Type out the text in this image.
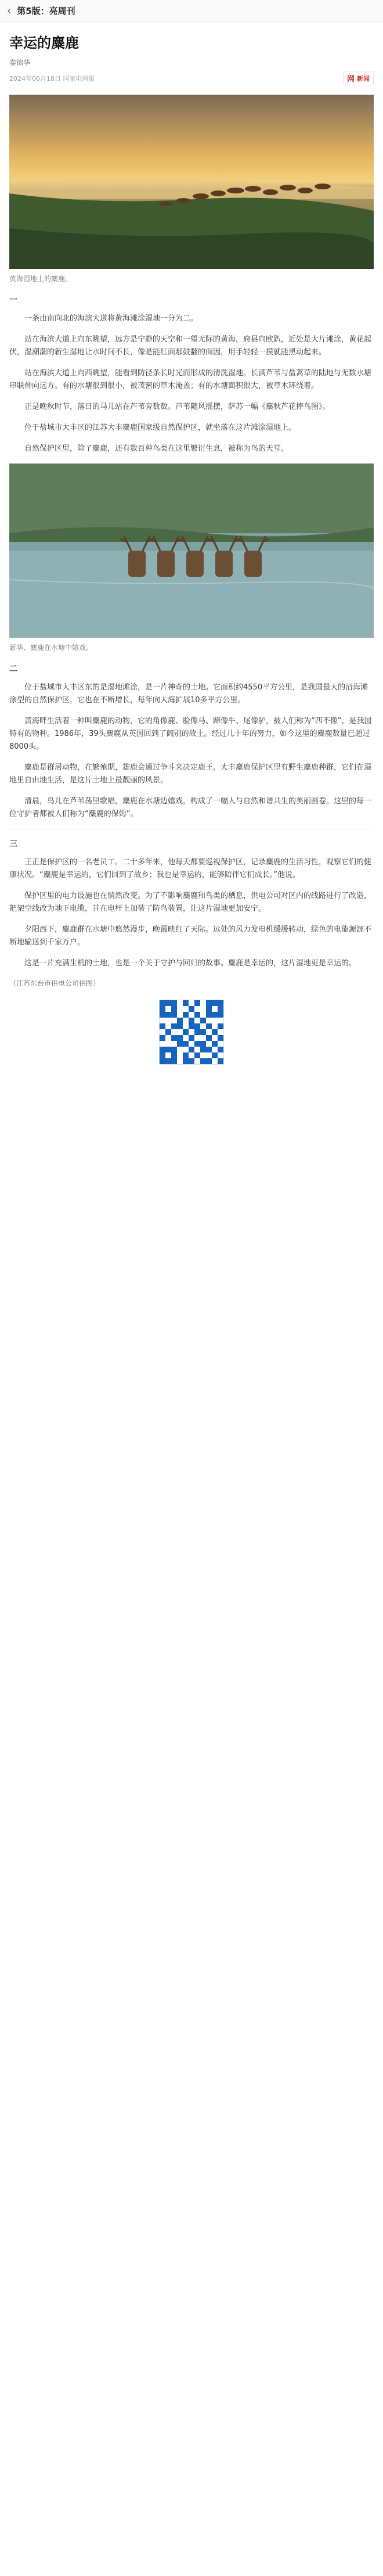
‹ 第5版：亮周刊
幸运的麋鹿
秦锦华
2024年06月18日 国家电网报	网 新闻
黄海湿地上的麋鹿。
一

一条由南向北的海滨大道将黄海滩涂湿地一分为二。

站在海滨大道上向东眺望，远方是宁静的天空和一望无际的黄海，府县向欧趴，近处是大片滩涂，黄花起伏，湿潮潮的新生湿地让水时间不长，像是能红面那鼓翻的面因，用手轻轻一摸就能黑动起来。

站在海滨大道上向西眺望，能看到防径条长时光而形成的清洗湿地。长满芦苇与盐蒿草的陆地与无数水塘串联伸向远方。有的水塘很到很小，被茂密的草木淹盖；有的水塘面积很大，被草木环绕着。

正是晚秋时节，落日的马儿站在芦苇旁数数。芦苇随风摇摆，萨苏一幅《麋秋芦花捧鸟图》。

位于盐城市大丰区的江苏大丰麋鹿国家级自然保护区，就坐落在这片滩涂湿地上。

自然保护区里，除了麋鹿，还有数百种鸟类在这里繁衍生息，被称为鸟的天堂。

新华、麋鹿在水塘中嬉戏。
二

位于盐城市大丰区东的是湿地滩涂，是一片神奇的土地。它面积约4550平方公里，是我国最大的沿海滩涂型的自然保护区，它也在不断增长，每年向大海扩展10多平方公里。

黄海畔生活着一种叫麋鹿的动物，它的角像鹿、脸像马、蹄像牛、尾像驴，被人们称为“四不像”，是我国特有的物种。1986年，39头麋鹿从英国回到了阔别的故土。经过几十年的努力，如今这里的麋鹿数量已超过8000头。

麋鹿是群居动物，在繁殖期，雄鹿会通过争斗来决定鹿王。大丰麋鹿保护区里有野生麋鹿种群，它们在湿地里自由地生活，是这片土地上最靓丽的风景。

清晨，鸟儿在芦苇荡里歌唱，麋鹿在水塘边嬉戏，构成了一幅人与自然和谐共生的美丽画卷。这里的每一位守护者都被人们称为“麋鹿的保姆”。

三

王正是保护区的一名老员工。二十多年来，他每天都要巡视保护区，记录麋鹿的生活习性，观察它们的健康状况。“麋鹿是幸运的，它们回到了故乡；我也是幸运的，能够陪伴它们成长。”他说。

保护区里的电力设施也在悄然改变。为了不影响麋鹿和鸟类的栖息，供电公司对区内的线路进行了改造，把架空线改为地下电缆，并在电杆上加装了防鸟装置，让这片湿地更加安宁。

夕阳西下，麋鹿群在水塘中悠然漫步，晚霞映红了天际。远处的风力发电机缓缓转动，绿色的电能源源不断地输送到千家万户。

这是一片充满生机的土地，也是一个关于守护与回归的故事。麋鹿是幸运的，这片湿地更是幸运的。

（江苏东台市供电公司供图）
